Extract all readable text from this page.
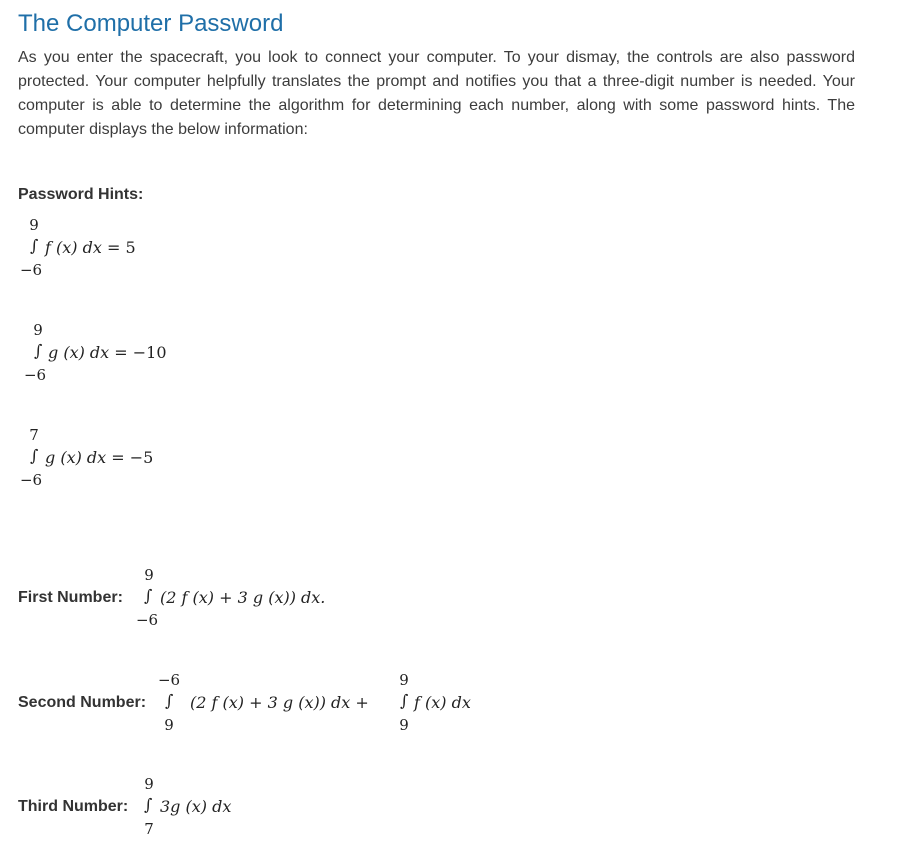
The Computer Password

As you enter the spacecraft, you look to connect your computer. To your dismay, the controls are also password protected. Your computer helpfully translates the prompt and notifies you that a three-digit number is needed. Your computer is able to determine the algorithm for determining each number, along with some password hints. The computer displays the below information:

Password Hints:
9
∫ f (x) dx = 5
−6
9
∫ g (x) dx = −10
−6
7
∫ g (x) dx = −5
−6
First Number:
9
∫ (2 f (x) + 3 g (x)) dx.
−6
Second Number:
−6
∫ (2 f (x) + 3 g (x)) dx +
9
9
∫ f (x) dx
9
Third Number:
9
∫ 3g (x) dx
7
